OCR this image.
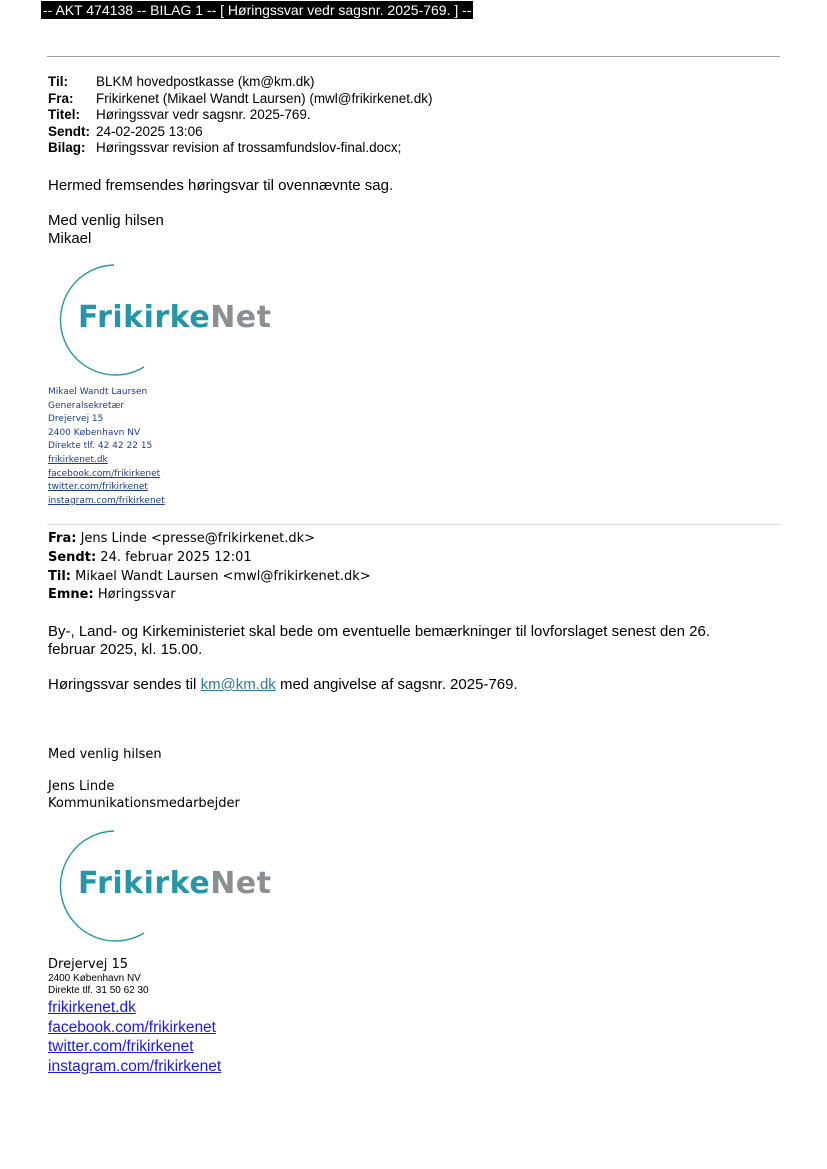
-- AKT 474138 -- BILAG 1 -- [ Høringssvar vedr sagsnr. 2025-769. ] --
Til: BLKM hovedpostkasse (km@km.dk)
Fra: Frikirkenet (Mikael Wandt Laursen) (mwl@frikirkenet.dk)
Titel: Høringssvar vedr sagsnr. 2025-769.
Sendt: 24-02-2025 13:06
Bilag: Høringssvar revision af trossamfundslov-final.docx;
Hermed fremsendes høringsvar til ovennævnte sag.
Med venlig hilsen
Mikael
FrikirkeNet
Mikael Wandt Laursen
Generalsekretær
Drejervej 15
2400 København NV
Direkte tlf. 42 42 22 15
frikirkenet.dk
facebook.com/frikirkenet
twitter.com/frikirkenet
instagram.com/frikirkenet
Fra: Jens Linde <presse@frikirkenet.dk>
Sendt: 24. februar 2025 12:01
Til: Mikael Wandt Laursen <mwl@frikirkenet.dk>
Emne: Høringssvar
By-, Land- og Kirkeministeriet skal bede om eventuelle bemærkninger til lovforslaget senest den 26.
februar 2025, kl. 15.00.
Høringssvar sendes til km@km.dk med angivelse af sagsnr. 2025-769.
Med venlig hilsen
Jens Linde
Kommunikationsmedarbejder
FrikirkeNet
Drejervej 15
2400 København NV
Direkte tlf. 31 50 62 30
frikirkenet.dk
facebook.com/frikirkenet
twitter.com/frikirkenet
instagram.com/frikirkenet
